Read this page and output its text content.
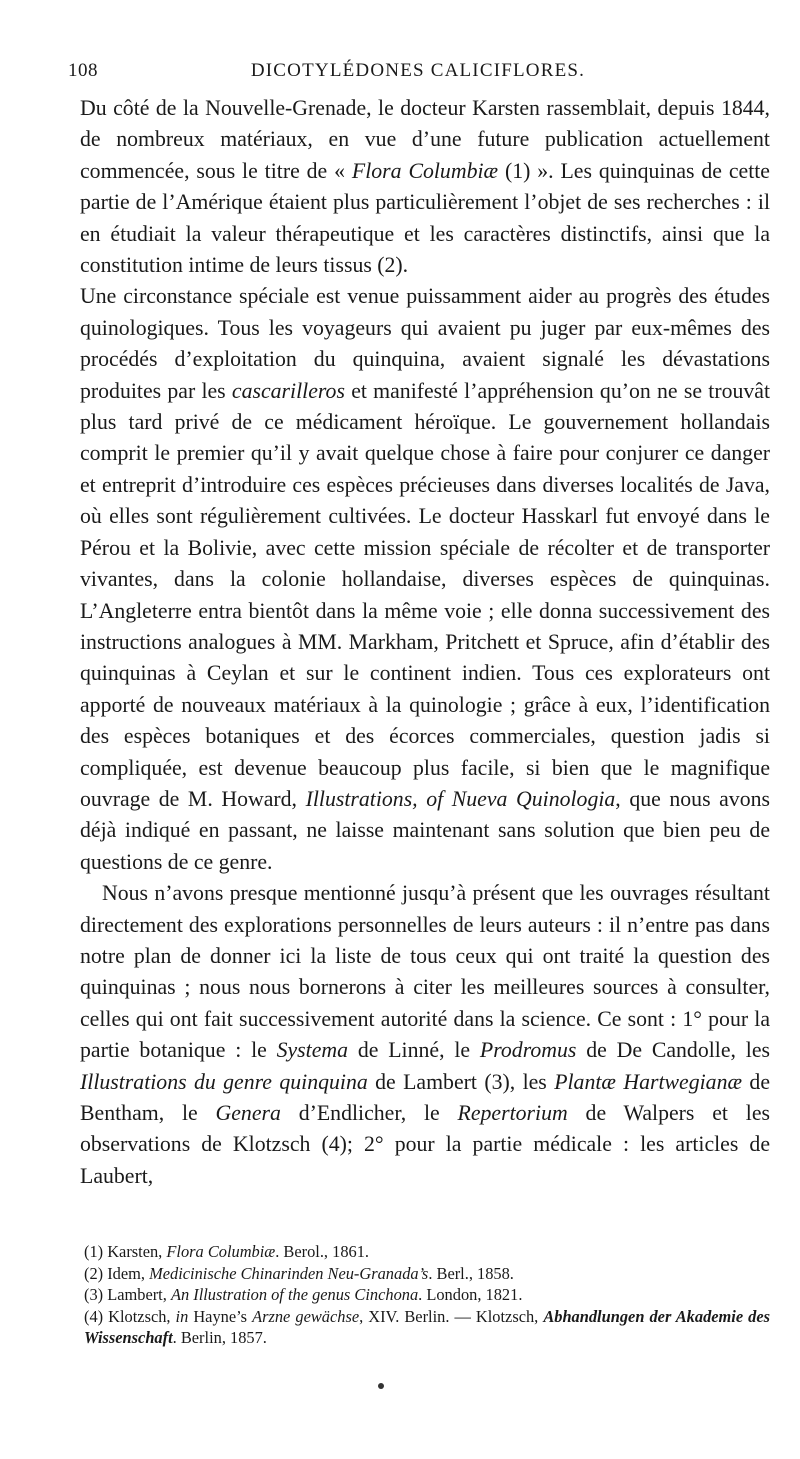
108	DICOTYLÉDONES CALICIFLORES.

Du côté de la Nouvelle-Grenade, le docteur Karsten rassemblait, depuis 1844, de nombreux matériaux, en vue d’une future publication actuellement commencée, sous le titre de « Flora Columbiæ (1) ». Les quinquinas de cette partie de l’Amérique étaient plus particulièrement l’objet de ses recherches : il en étudiait la valeur thérapeutique et les caractères distinctifs, ainsi que la constitution intime de leurs tissus (2).

Une circonstance spéciale est venue puissamment aider au progrès des études quinologiques. Tous les voyageurs qui avaient pu juger par eux-mêmes des procédés d’exploitation du quinquina, avaient signalé les dévastations produites par les cascarilleros et manifesté l’appréhension qu’on ne se trouvât plus tard privé de ce médicament héroïque. Le gouvernement hollandais comprit le premier qu’il y avait quelque chose à faire pour conjurer ce danger et entreprit d’introduire ces espèces précieuses dans diverses localités de Java, où elles sont régulièrement cultivées. Le docteur Hasskarl fut envoyé dans le Pérou et la Bolivie, avec cette mission spéciale de récolter et de transporter vivantes, dans la colonie hollandaise, diverses espèces de quinquinas. L’Angleterre entra bientôt dans la même voie ; elle donna successivement des instructions analogues à MM. Markham, Pritchett et Spruce, afin d’établir des quinquinas à Ceylan et sur le continent indien. Tous ces explorateurs ont apporté de nouveaux matériaux à la quinologie ; grâce à eux, l’identification des espèces botaniques et des écorces commerciales, question jadis si compliquée, est devenue beaucoup plus facile, si bien que le magnifique ouvrage de M. Howard, Illustrations, of Nueva Quinologia, que nous avons déjà indiqué en passant, ne laisse maintenant sans solution que bien peu de questions de ce genre.

Nous n’avons presque mentionné jusqu’à présent que les ouvrages résultant directement des explorations personnelles de leurs auteurs : il n’entre pas dans notre plan de donner ici la liste de tous ceux qui ont traité la question des quinquinas ; nous nous bornerons à citer les meilleures sources à consulter, celles qui ont fait successivement autorité dans la science. Ce sont : 1° pour la partie botanique : le Systema de Linné, le Prodromus de De Candolle, les Illustrations du genre quinquina de Lambert (3), les Plantæ Hartwegianæ de Bentham, le Genera d’Endlicher, le Repertorium de Walpers et les observations de Klotzsch (4); 2° pour la partie médicale : les articles de Laubert,

(1) Karsten, Flora Columbiæ. Berol., 1861.

(2) Idem, Medicinische Chinarinden Neu-Granada’s. Berl., 1858.

(3) Lambert, An Illustration of the genus Cinchona. London, 1821.

(4) Klotzsch, in Hayne’s Arzne gewächse, XIV. Berlin. — Klotzsch, Abhandlungen der Akademie des Wissenschaft. Berlin, 1857.
